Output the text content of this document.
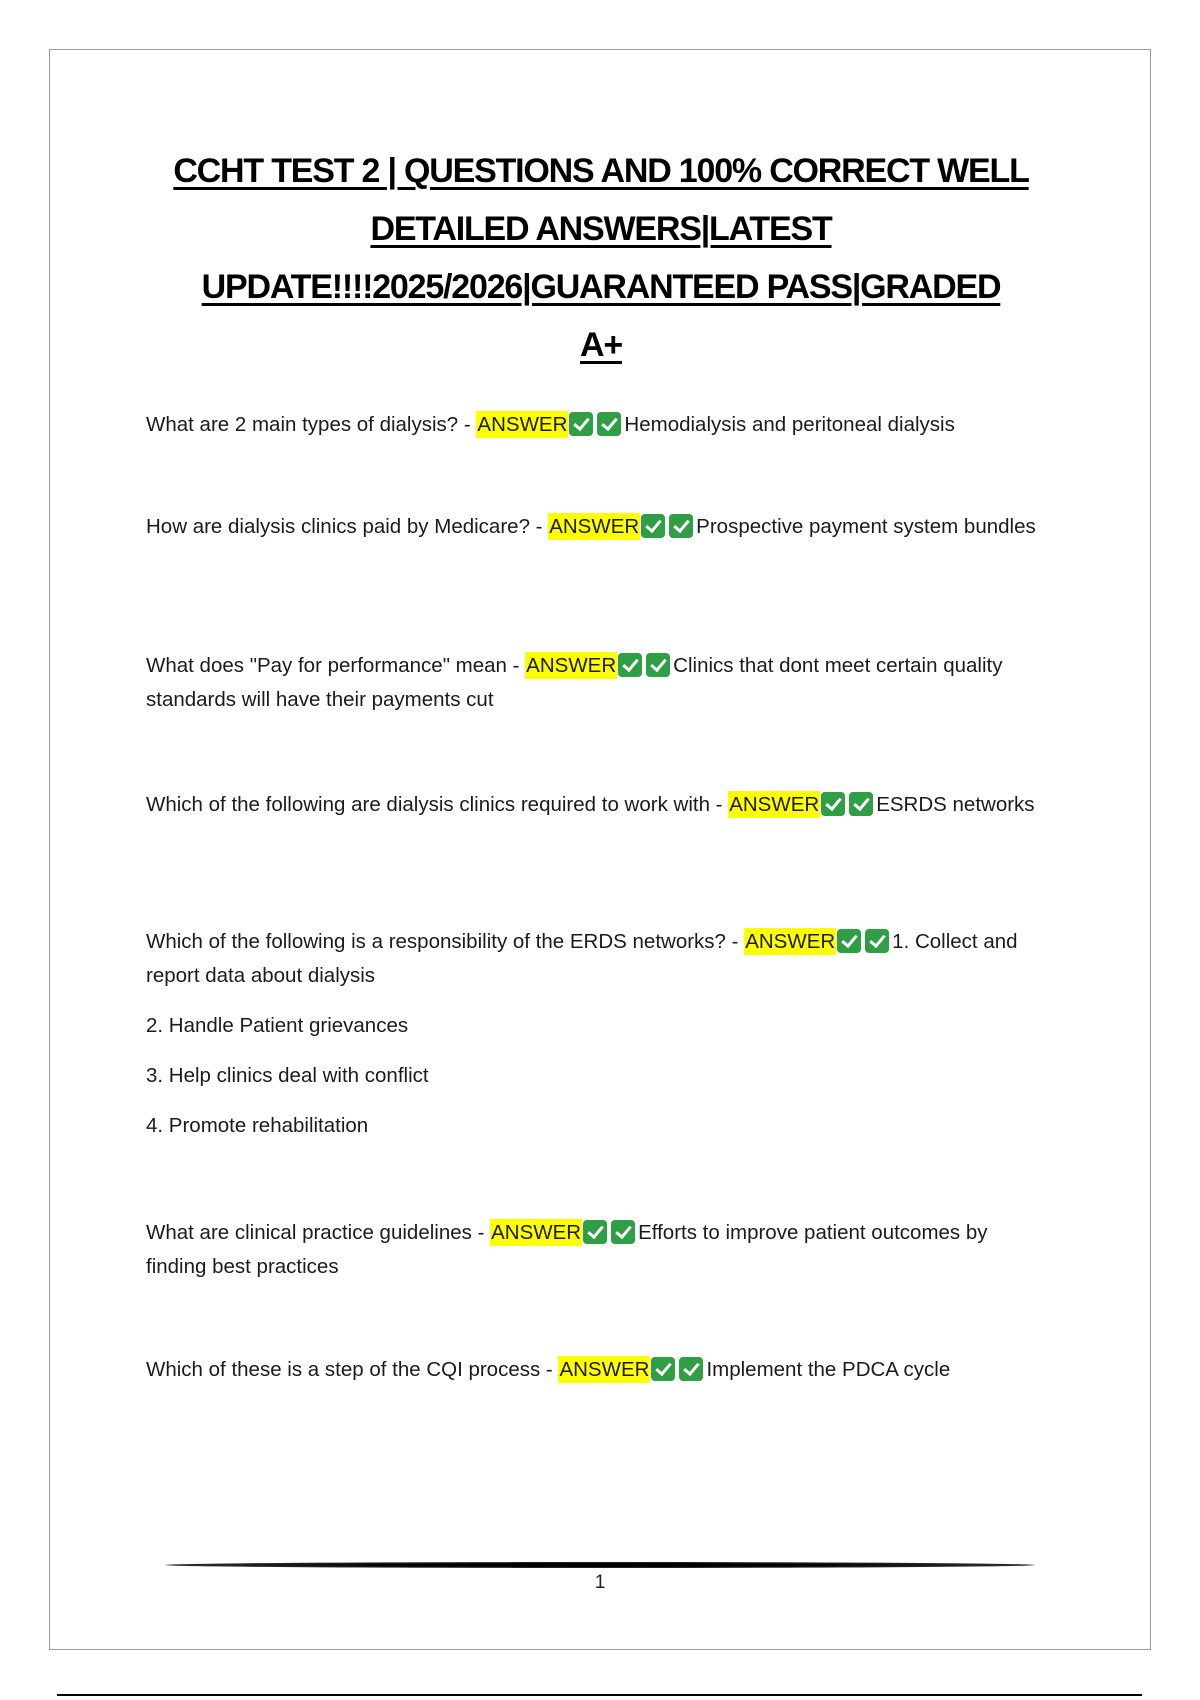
CCHT TEST 2 | QUESTIONS AND 100% CORRECT WELL
DETAILED ANSWERS|LATEST
UPDATE!!!!2025/2026|GUARANTEED PASS|GRADED
A+
What are 2 main types of dialysis? - ANSWER	Hemodialysis and peritoneal dialysis
How are dialysis clinics paid by Medicare? - ANSWER	Prospective payment system bundles
What does "Pay for performance" mean - ANSWER	Clinics that dont meet certain quality standards will have their payments cut
Which of the following are dialysis clinics required to work with - ANSWER	ESRDS networks
Which of the following is a responsibility of the ERDS networks? - ANSWER	1. Collect and report data about dialysis
2. Handle Patient grievances
3. Help clinics deal with conflict
4. Promote rehabilitation
What are clinical practice guidelines - ANSWER	Efforts to improve patient outcomes by finding best practices
Which of these is a step of the CQI process - ANSWER	Implement the PDCA cycle
1
